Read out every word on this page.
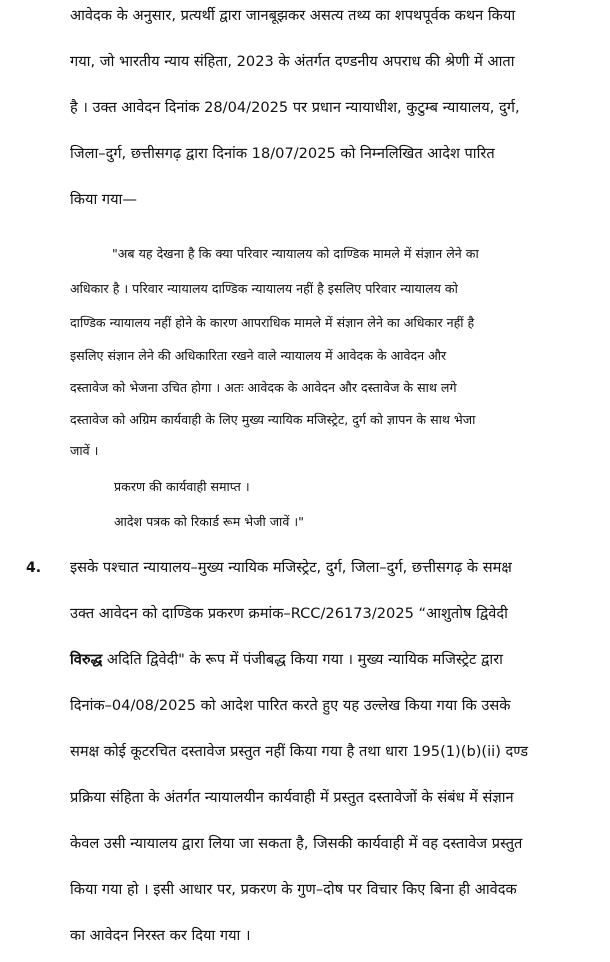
आवेदक के अनुसार, प्रत्यर्थी द्वारा जानबूझकर असत्य तथ्य का शपथपूर्वक कथन किया
गया, जो भारतीय न्याय संहिता, 2023 के अंतर्गत दण्डनीय अपराध की श्रेणी में आता
है । उक्त आवेदन दिनांक 28/04/2025 पर प्रधान न्यायाधीश, कुटुम्ब न्यायालय, दुर्ग,
जिला–दुर्ग, छत्तीसगढ़ द्वारा दिनांक 18/07/2025 को निम्नलिखित आदेश पारित
किया गया—
"अब यह देखना है कि क्या परिवार न्यायालय को दाण्डिक मामले में संज्ञान लेने का
अधिकार है । परिवार न्यायालय दाण्डिक न्यायालय नहीं है इसलिए परिवार न्यायालय को
दाण्डिक न्यायालय नहीं होने के कारण आपराधिक मामले में संज्ञान लेने का अधिकार नहीं है
इसलिए संज्ञान लेने की अधिकारिता रखने वाले न्यायालय में आवेदक के आवेदन और
दस्तावेज को भेजना उचित होगा । अतः आवेदक के आवेदन और दस्तावेज के साथ लगे
दस्तावेज को अग्रिम कार्यवाही के लिए मुख्य न्यायिक मजिस्ट्रेट, दुर्ग को ज्ञापन के साथ भेजा
जावें ।
प्रकरण की कार्यवाही समाप्त ।
आदेश पत्रक को रिकार्ड रूम भेजी जावें ।"
4. इसके पश्चात न्यायालय–मुख्य न्यायिक मजिस्ट्रेट, दुर्ग, जिला–दुर्ग, छत्तीसगढ़ के समक्ष
उक्त आवेदन को दाण्डिक प्रकरण क्रमांक–RCC/26173/2025 “आशुतोष द्विवेदी
विरुद्ध अदिति द्विवेदी" के रूप में पंजीबद्ध किया गया । मुख्य न्यायिक मजिस्ट्रेट द्वारा
दिनांक–04/08/2025 को आदेश पारित करते हुए यह उल्लेख किया गया कि उसके
समक्ष कोई कूटरचित दस्तावेज प्रस्तुत नहीं किया गया है तथा धारा 195(1)(b)(ii) दण्ड
प्रक्रिया संहिता के अंतर्गत न्यायालयीन कार्यवाही में प्रस्तुत दस्तावेजों के संबंध में संज्ञान
केवल उसी न्यायालय द्वारा लिया जा सकता है, जिसकी कार्यवाही में वह दस्तावेज प्रस्तुत
किया गया हो । इसी आधार पर, प्रकरण के गुण–दोष पर विचार किए बिना ही आवेदक
का आवेदन निरस्त कर दिया गया ।
